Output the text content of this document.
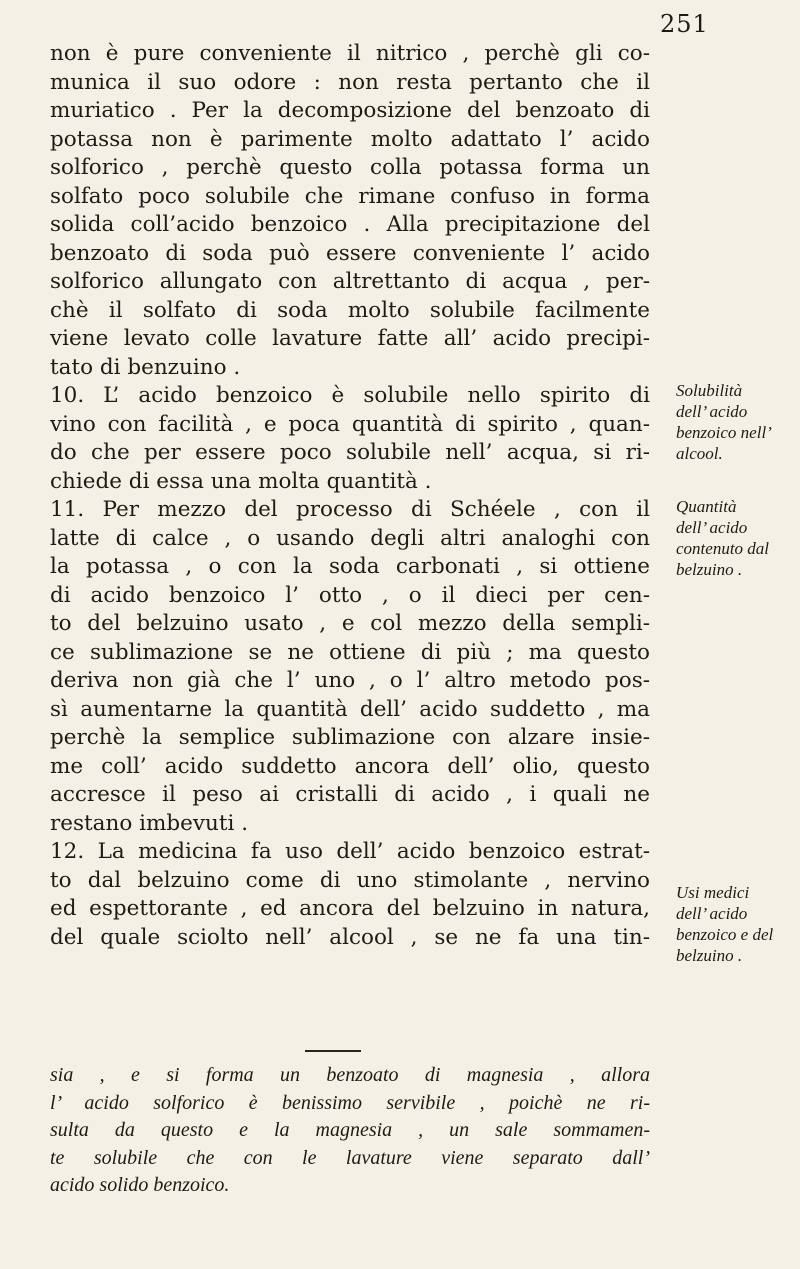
251
non è pure conveniente il nitrico , perchè gli co-
munica il suo odore : non resta pertanto che il
muriatico . Per la decomposizione del benzoato di
potassa non è parimente molto adattato l’ acido
solforico , perchè questo colla potassa forma un
solfato poco solubile che rimane confuso in forma
solida coll’acido benzoico . Alla precipitazione del
benzoato di soda può essere conveniente l’ acido
solforico allungato con altrettanto di acqua , per-
chè il solfato di soda molto solubile facilmente
viene levato colle lavature fatte all’ acido precipi-
tato di benzuino .
10. L’ acido benzoico è solubile nello spirito di
vino con facilità , e poca quantità di spirito , quan-
do che per essere poco solubile nell’ acqua, si ri-
chiede di essa una molta quantità .
11. Per mezzo del processo di Schéele , con il
latte di calce , o usando degli altri analoghi con
la potassa , o con la soda carbonati , si ottiene
di acido benzoico l’ otto , o il dieci per cen-
to del belzuino usato , e col mezzo della sempli-
ce sublimazione se ne ottiene di più ; ma questo
deriva non già che l’ uno , o l’ altro metodo pos-
sì aumentarne la quantità dell’ acido suddetto , ma
perchè la semplice sublimazione con alzare insie-
me coll’ acido suddetto ancora dell’ olio, questo
accresce il peso ai cristalli di acido , i quali ne
restano imbevuti .
12. La medicina fa uso dell’ acido benzoico estrat-
to dal belzuino come di uno stimolante , nervino
ed espettorante , ed ancora del belzuino in natura,
del quale sciolto nell’ alcool , se ne fa una tin-
Solubilità
dell’ acido
benzoico nell’
alcool.
Quantità
dell’ acido
contenuto dal
belzuino .
Usi medici
dell’ acido
benzoico e del
belzuino .
sia , e si forma un benzoato di magnesia , allora
l’ acido solforico è benissimo servibile , poichè ne ri-
sulta da questo e la magnesia , un sale sommamen-
te solubile che con le lavature viene separato dall’
acido solido benzoico.
